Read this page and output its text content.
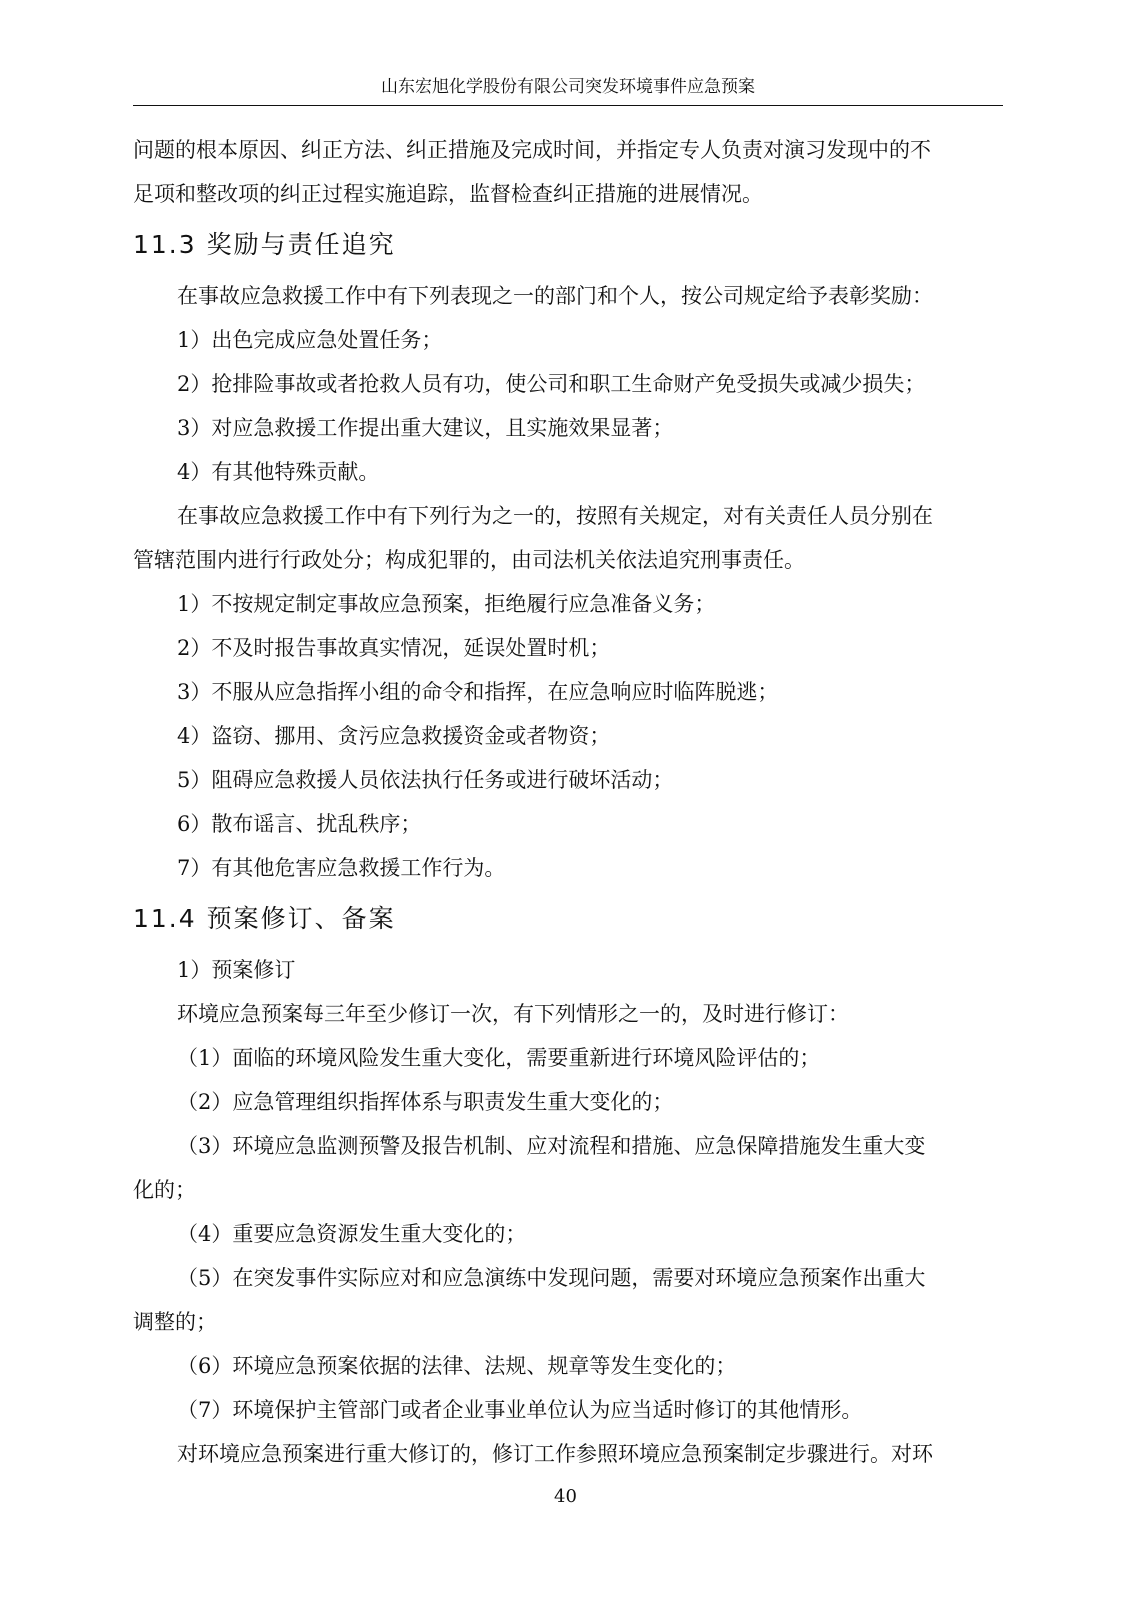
山东宏旭化学股份有限公司突发环境事件应急预案
问题的根本原因、纠正方法、纠正措施及完成时间，并指定专人负责对演习发现中的不
足项和整改项的纠正过程实施追踪，监督检查纠正措施的进展情况。
11.3 奖励与责任追究
在事故应急救援工作中有下列表现之一的部门和个人，按公司规定给予表彰奖励：
1）出色完成应急处置任务；
2）抢排险事故或者抢救人员有功，使公司和职工生命财产免受损失或减少损失；
3）对应急救援工作提出重大建议，且实施效果显著；
4）有其他特殊贡献。
在事故应急救援工作中有下列行为之一的，按照有关规定，对有关责任人员分别在
管辖范围内进行行政处分；构成犯罪的，由司法机关依法追究刑事责任。
1）不按规定制定事故应急预案，拒绝履行应急准备义务；
2）不及时报告事故真实情况，延误处置时机；
3）不服从应急指挥小组的命令和指挥，在应急响应时临阵脱逃；
4）盗窃、挪用、贪污应急救援资金或者物资；
5）阻碍应急救援人员依法执行任务或进行破坏活动；
6）散布谣言、扰乱秩序；
7）有其他危害应急救援工作行为。
11.4 预案修订、备案
1）预案修订
环境应急预案每三年至少修订一次，有下列情形之一的，及时进行修订：
（1）面临的环境风险发生重大变化，需要重新进行环境风险评估的；
（2）应急管理组织指挥体系与职责发生重大变化的；
（3）环境应急监测预警及报告机制、应对流程和措施、应急保障措施发生重大变
化的；
（4）重要应急资源发生重大变化的；
（5）在突发事件实际应对和应急演练中发现问题，需要对环境应急预案作出重大
调整的；
（6）环境应急预案依据的法律、法规、规章等发生变化的；
（7）环境保护主管部门或者企业事业单位认为应当适时修订的其他情形。
对环境应急预案进行重大修订的，修订工作参照环境应急预案制定步骤进行。对环
40
